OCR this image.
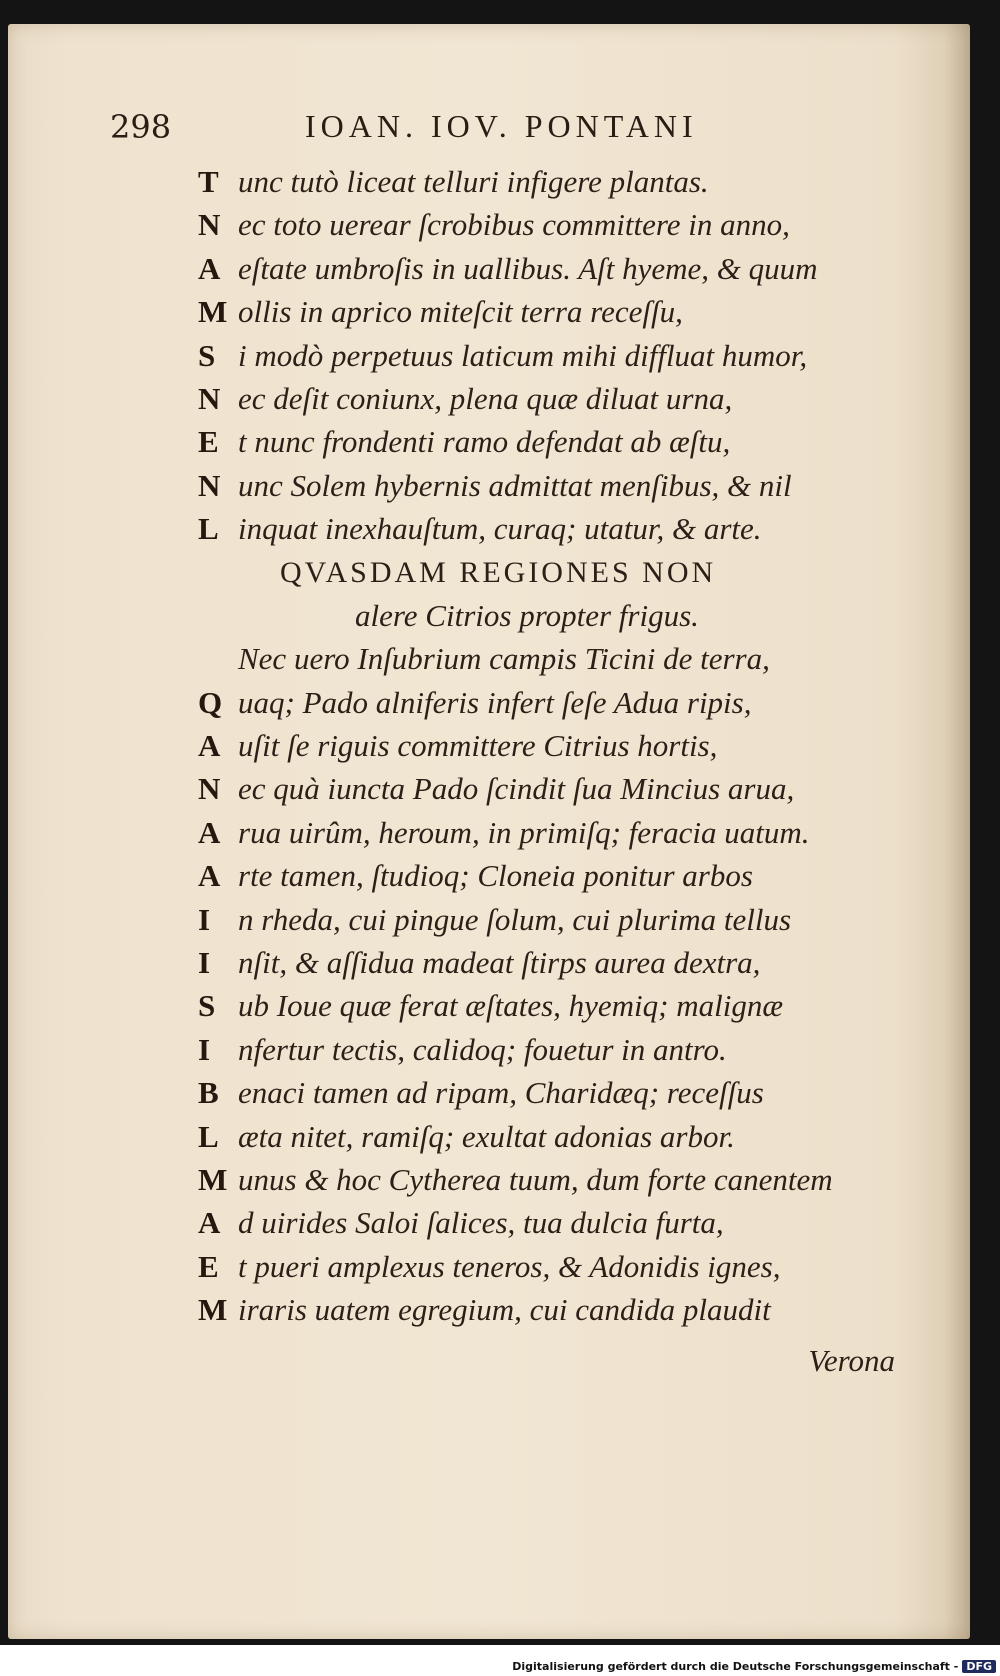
298	IOAN. IOV. PONTANI
T unc tutò liceat telluri infigere plantas.
N ec toto uerear ſcrobibus committere in anno,
A eſtate umbroſis in uallibus. Aſt hyeme, & quum
M ollis in aprico miteſcit terra receſſu,
S i modò perpetuus laticum mihi diffluat humor,
N ec deſit coniunx, plena quæ diluat urna,
E t nunc frondenti ramo defendat ab æſtu,
N unc Solem hybernis admittat menſibus, & nil
L inquat inexhauſtum, curaq; utatur, & arte.
QVASDAM REGIONES NON
alere Citrios propter frigus.
Nec uero Inſubrium campis Ticini de terra,
Q uaq; Pado alniferis infert ſeſe Adua ripis,
A uſit ſe riguis committere Citrius hortis,
N ec quà iuncta Pado ſcindit ſua Mincius arua,
A rua uirûm, heroum, in primiſq; feracia uatum.
A rte tamen, ſtudioq; Cloneia ponitur arbos
I n rheda, cui pingue ſolum, cui plurima tellus
I nſit, & aſſidua madeat ſtirps aurea dextra,
S ub Ioue quæ ferat æſtates, hyemiq; malignæ
I nfertur tectis, calidoq; fouetur in antro.
B enaci tamen ad ripam, Charidæq; receſſus
L æta nitet, ramiſq; exultat adonias arbor.
M unus & hoc Cytherea tuum, dum forte canentem
A d uirides Saloi ſalices, tua dulcia furta,
E t pueri amplexus teneros, & Adonidis ignes,
M iraris uatem egregium, cui candida plaudit
Verona
Digitalisierung gefördert durch die Deutsche Forschungsgemeinschaft - DFG
